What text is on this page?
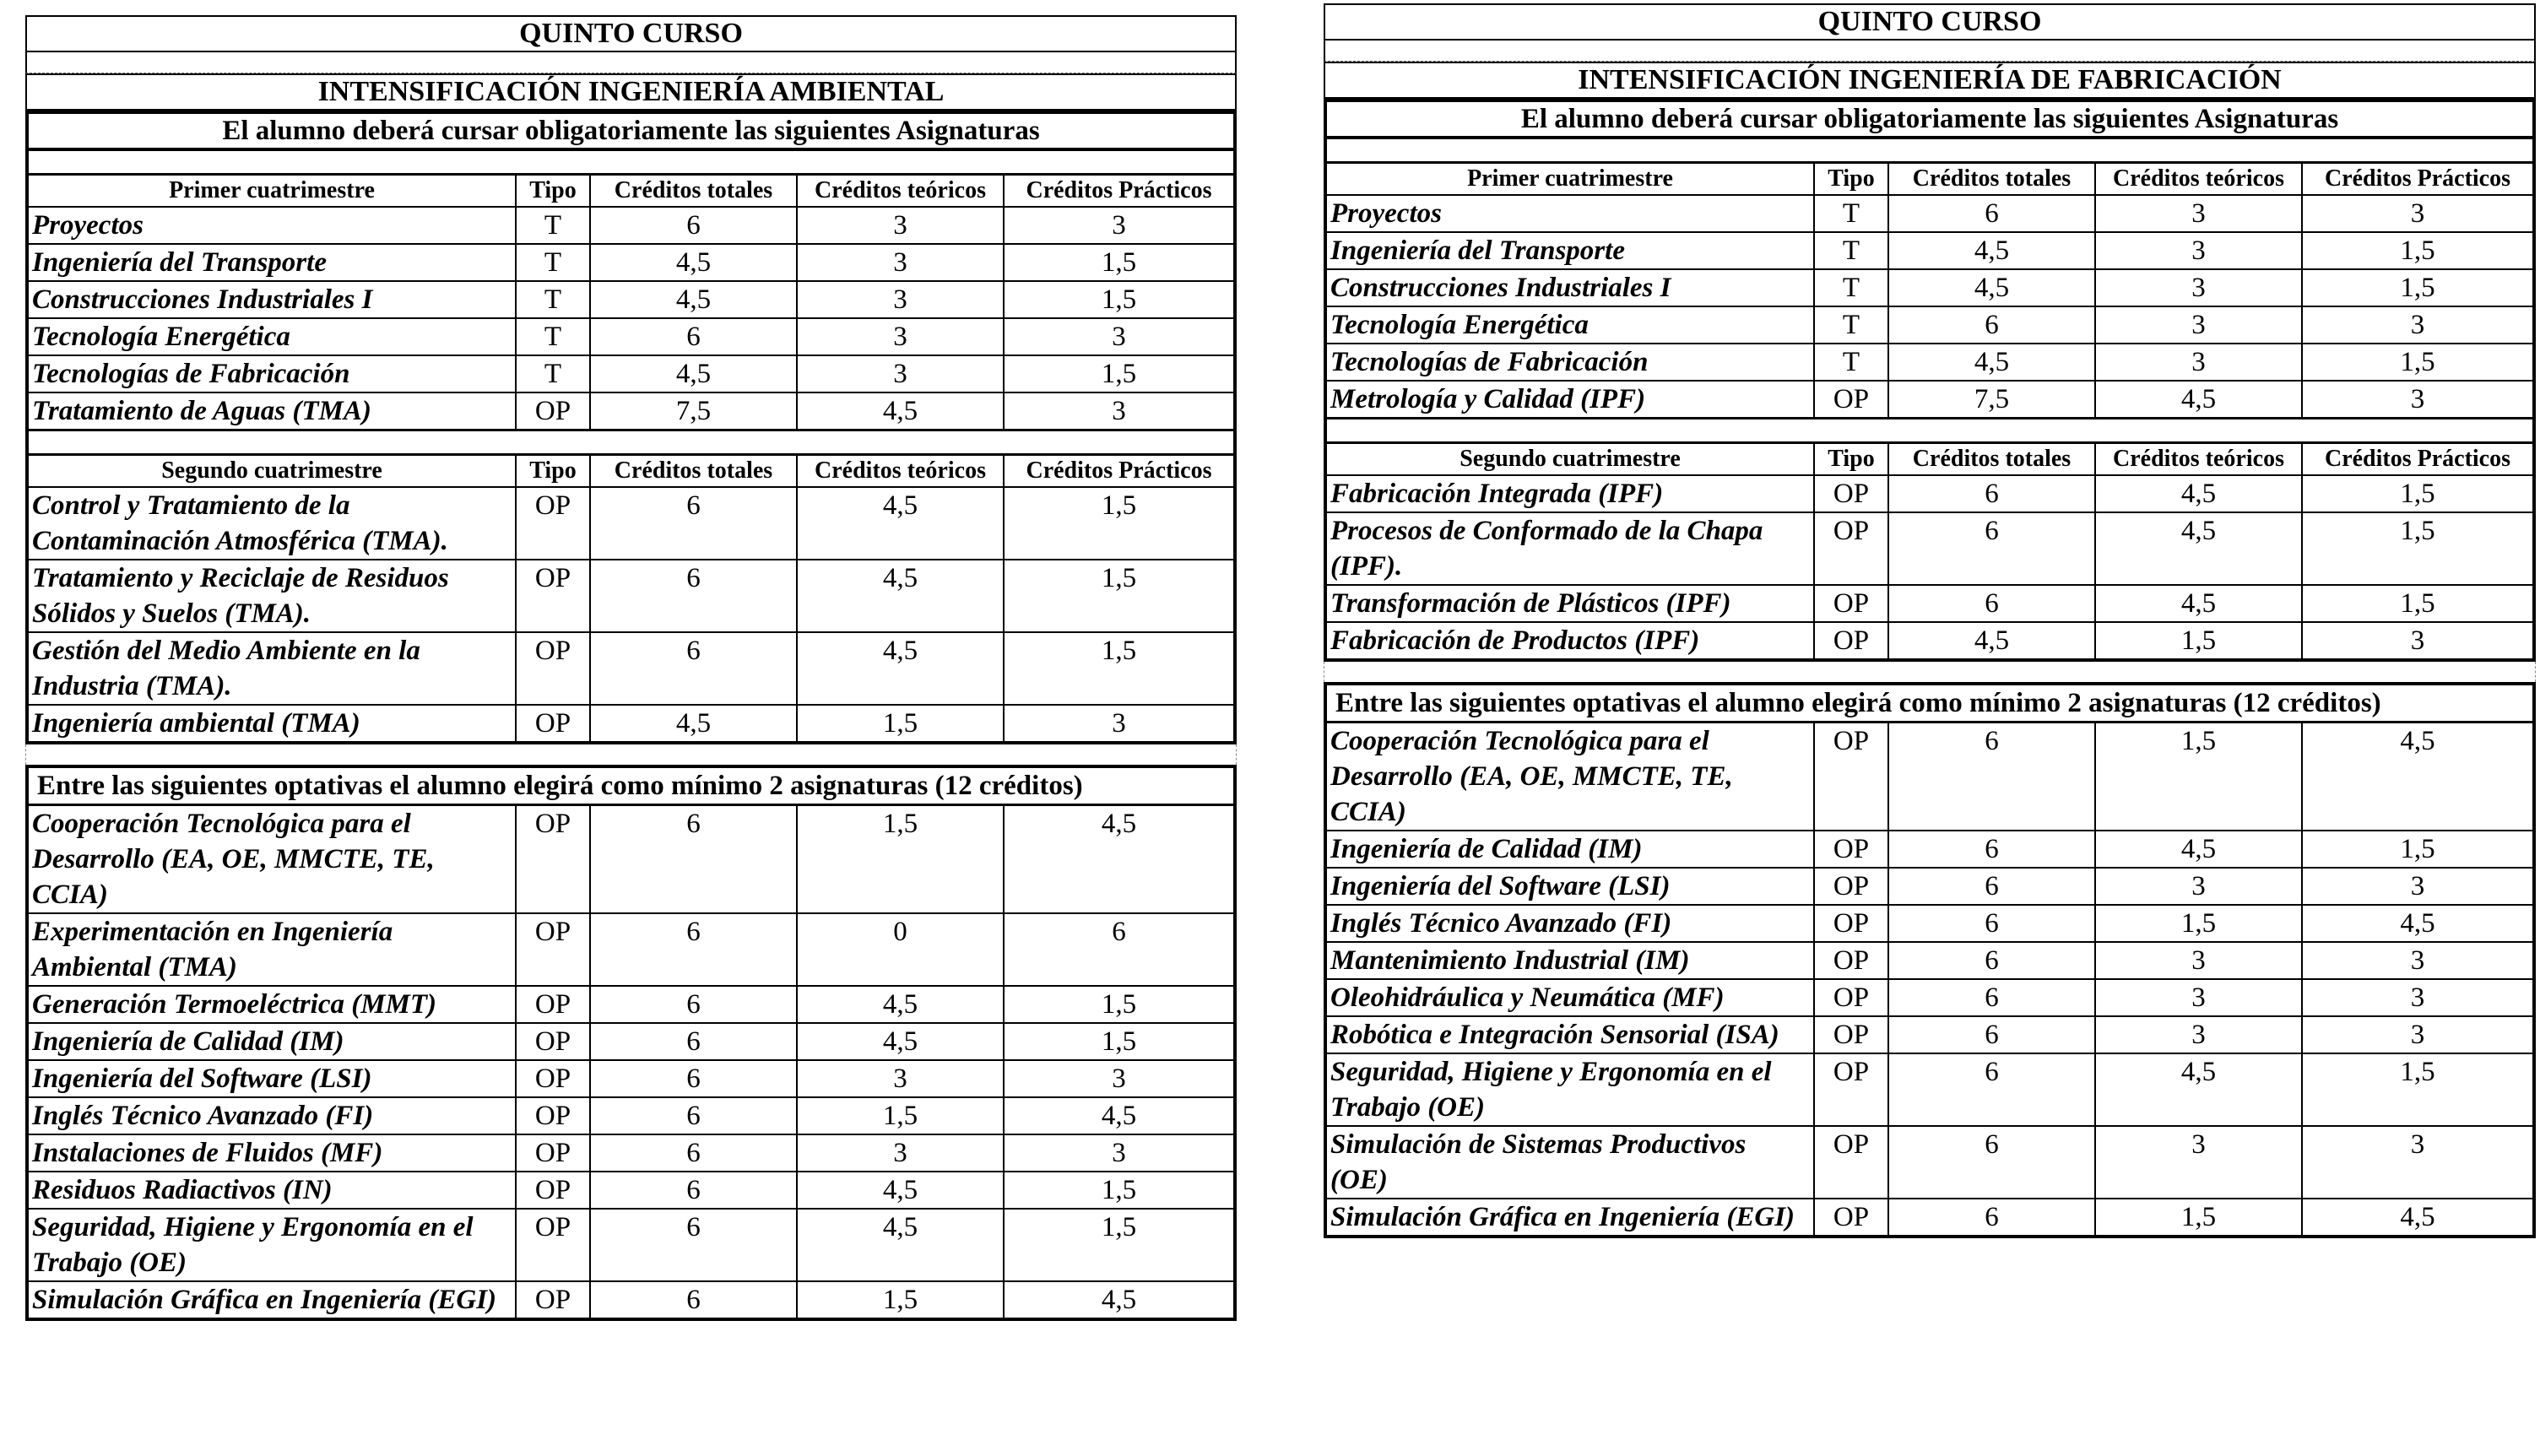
QUINTO CURSO
INTENSIFICACIÓN INGENIERÍA AMBIENTAL
El alumno deberá cursar obligatoriamente las siguientes Asignaturas
Primer cuatrimestre	Tipo	Créditos totales	Créditos teóricos	Créditos Prácticos
Proyectos	T	6	3	3
Ingeniería del Transporte	T	4,5	3	1,5
Construcciones Industriales I	T	4,5	3	1,5
Tecnología Energética	T	6	3	3
Tecnologías de Fabricación	T	4,5	3	1,5
Tratamiento de Aguas (TMA)	OP	7,5	4,5	3
Segundo cuatrimestre	Tipo	Créditos totales	Créditos teóricos	Créditos Prácticos
Control y Tratamiento de la Contaminación Atmosférica (TMA).	OP	6	4,5	1,5
Tratamiento y Reciclaje de Residuos Sólidos y Suelos (TMA).	OP	6	4,5	1,5
Gestión del Medio Ambiente en la Industria (TMA).	OP	6	4,5	1,5
Ingeniería ambiental (TMA)	OP	4,5	1,5	3
Entre las siguientes optativas el alumno elegirá como mínimo 2 asignaturas (12 créditos)
Cooperación Tecnológica para el Desarrollo (EA, OE, MMCTE, TE, CCIA)	OP	6	1,5	4,5
Experimentación en Ingeniería Ambiental (TMA)	OP	6	0	6
Generación Termoeléctrica (MMT)	OP	6	4,5	1,5
Ingeniería de Calidad (IM)	OP	6	4,5	1,5
Ingeniería del Software (LSI)	OP	6	3	3
Inglés Técnico Avanzado (FI)	OP	6	1,5	4,5
Instalaciones de Fluidos (MF)	OP	6	3	3
Residuos Radiactivos (IN)	OP	6	4,5	1,5
Seguridad, Higiene y Ergonomía en el Trabajo (OE)	OP	6	4,5	1,5
Simulación Gráfica en Ingeniería (EGI)	OP	6	1,5	4,5
QUINTO CURSO
INTENSIFICACIÓN INGENIERÍA DE FABRICACIÓN
El alumno deberá cursar obligatoriamente las siguientes Asignaturas
Primer cuatrimestre	Tipo	Créditos totales	Créditos teóricos	Créditos Prácticos
Proyectos	T	6	3	3
Ingeniería del Transporte	T	4,5	3	1,5
Construcciones Industriales I	T	4,5	3	1,5
Tecnología Energética	T	6	3	3
Tecnologías de Fabricación	T	4,5	3	1,5
Metrología y Calidad (IPF)	OP	7,5	4,5	3
Segundo cuatrimestre	Tipo	Créditos totales	Créditos teóricos	Créditos Prácticos
Fabricación Integrada (IPF)	OP	6	4,5	1,5
Procesos de Conformado de la Chapa (IPF).	OP	6	4,5	1,5
Transformación de Plásticos (IPF)	OP	6	4,5	1,5
Fabricación de Productos (IPF)	OP	4,5	1,5	3
Entre las siguientes optativas el alumno elegirá como mínimo 2 asignaturas (12 créditos)
Cooperación Tecnológica para el Desarrollo (EA, OE, MMCTE, TE, CCIA)	OP	6	1,5	4,5
Ingeniería de Calidad (IM)	OP	6	4,5	1,5
Ingeniería del Software (LSI)	OP	6	3	3
Inglés Técnico Avanzado (FI)	OP	6	1,5	4,5
Mantenimiento Industrial (IM)	OP	6	3	3
Oleohidráulica y Neumática (MF)	OP	6	3	3
Robótica e Integración Sensorial (ISA)	OP	6	3	3
Seguridad, Higiene y Ergonomía en el Trabajo (OE)	OP	6	4,5	1,5
Simulación de Sistemas Productivos (OE)	OP	6	3	3
Simulación Gráfica en Ingeniería (EGI)	OP	6	1,5	4,5
